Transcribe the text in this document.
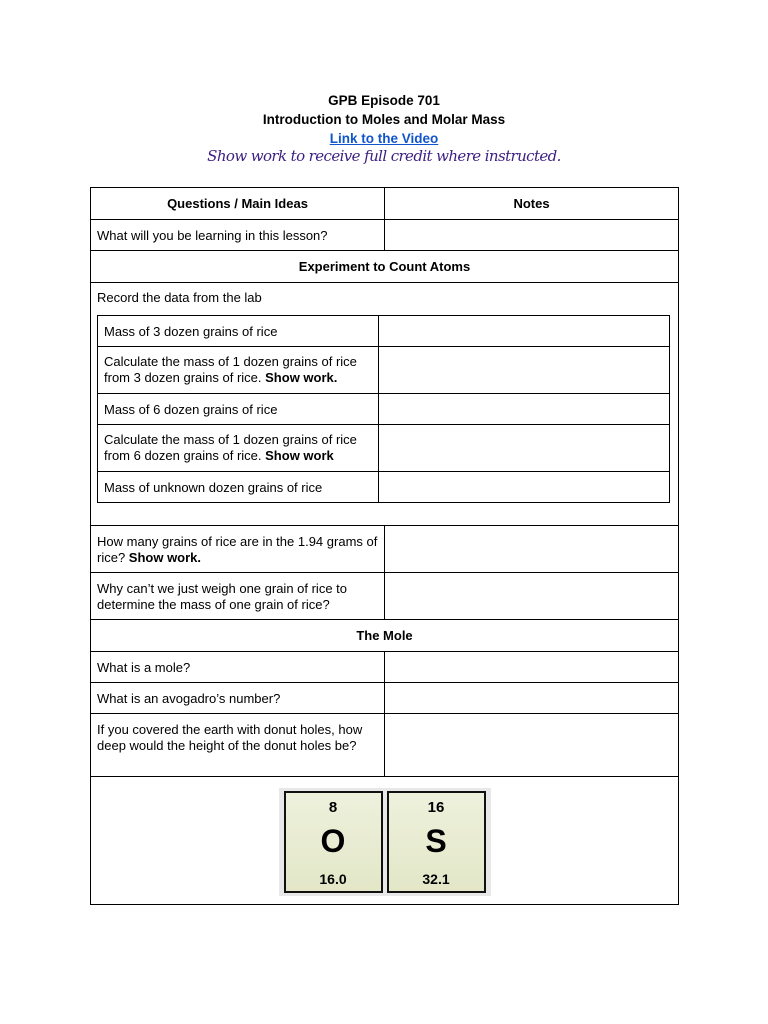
GPB Episode 701
Introduction to Moles and Molar Mass
Link to the Video
Show work to receive full credit where instructed.
Questions / Main Ideas	Notes
What will you be learning in this lesson?	
Experiment to Count Atoms

Record the data from the lab
Mass of 3 dozen grains of rice	
Calculate the mass of 1 dozen grains of rice from 3 dozen grains of rice. Show work.	
Mass of 6 dozen grains of rice	
Calculate the mass of 1 dozen grains of rice from 6 dozen grains of rice. Show work	
Mass of unknown dozen grains of rice	

How many grains of rice are in the 1.94 grams of rice? Show work.	
Why can’t we just weigh one grain of rice to determine the mass of one grain of rice?	
The Mole
What is a mole?	
What is an avogadro’s number?	
If you covered the earth with donut holes, how deep would the height of the donut holes be?	

8
O
16.0
16
S
32.1
